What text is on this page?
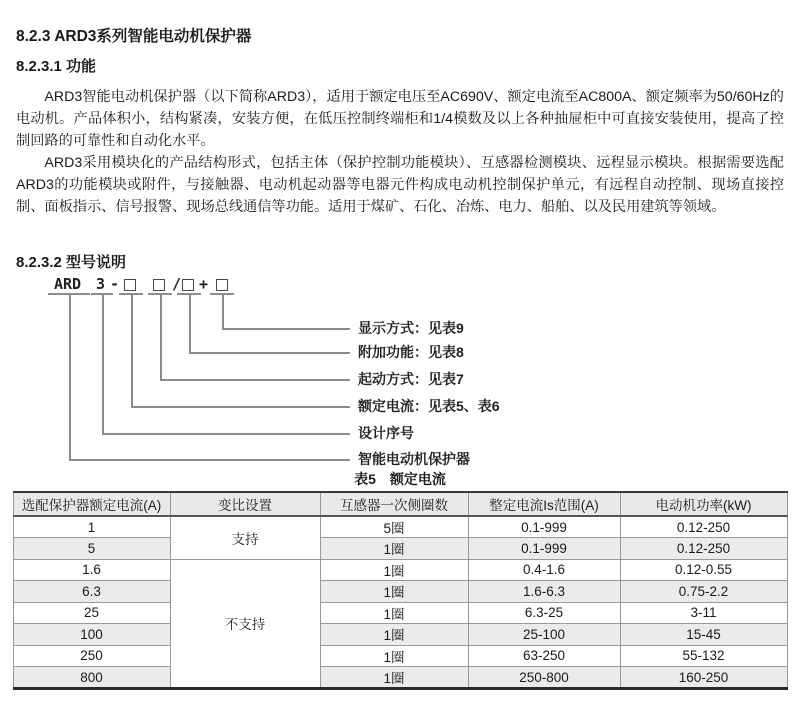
8.2.3 ARD3系列智能电动机保护器
8.2.3.1 功能

ARD3智能电动机保护器（以下简称ARD3），适用于额定电压至AC690V、额定电流至AC800A、额定频率为50/60Hz的电动机。产品体积小，结构紧凑，安装方便，在低压控制终端柜和1/4模数及以上各种抽屉柜中可直接安装使用，提高了控制回路的可靠性和自动化水平。

ARD3采用模块化的产品结构形式，包括主体（保护控制功能模块）、互感器检测模块、远程显示模块。根据需要选配ARD3的功能模块或附件，与接触器、电动机起动器等电器元件构成电动机控制保护单元，有远程自动控制、现场直接控制、面板指示、信号报警、现场总线通信等功能。适用于煤矿、石化、冶炼、电力、船舶、以及民用建筑等领域。

8.2.3.2 型号说明
ARD 3 -	/ +
显示方式：见表9
附加功能：见表8
起动方式：见表7
额定电流：见表5、表6
设计序号
智能电动机保护器
表5　额定电流
选配保护器额定电流(A)	变比设置	互感器一次侧圈数	整定电流Is范围(A)	电动机功率(kW)
1	支持	5圈	0.1-999	0.12-250
5		1圈	0.1-999	0.12-250
1.6	不支持	1圈	0.4-1.6	0.12-0.55
6.3		1圈	1.6-6.3	0.75-2.2
25		1圈	6.3-25	3-11
100		1圈	25-100	15-45
250		1圈	63-250	55-132
800		1圈	250-800	160-250
